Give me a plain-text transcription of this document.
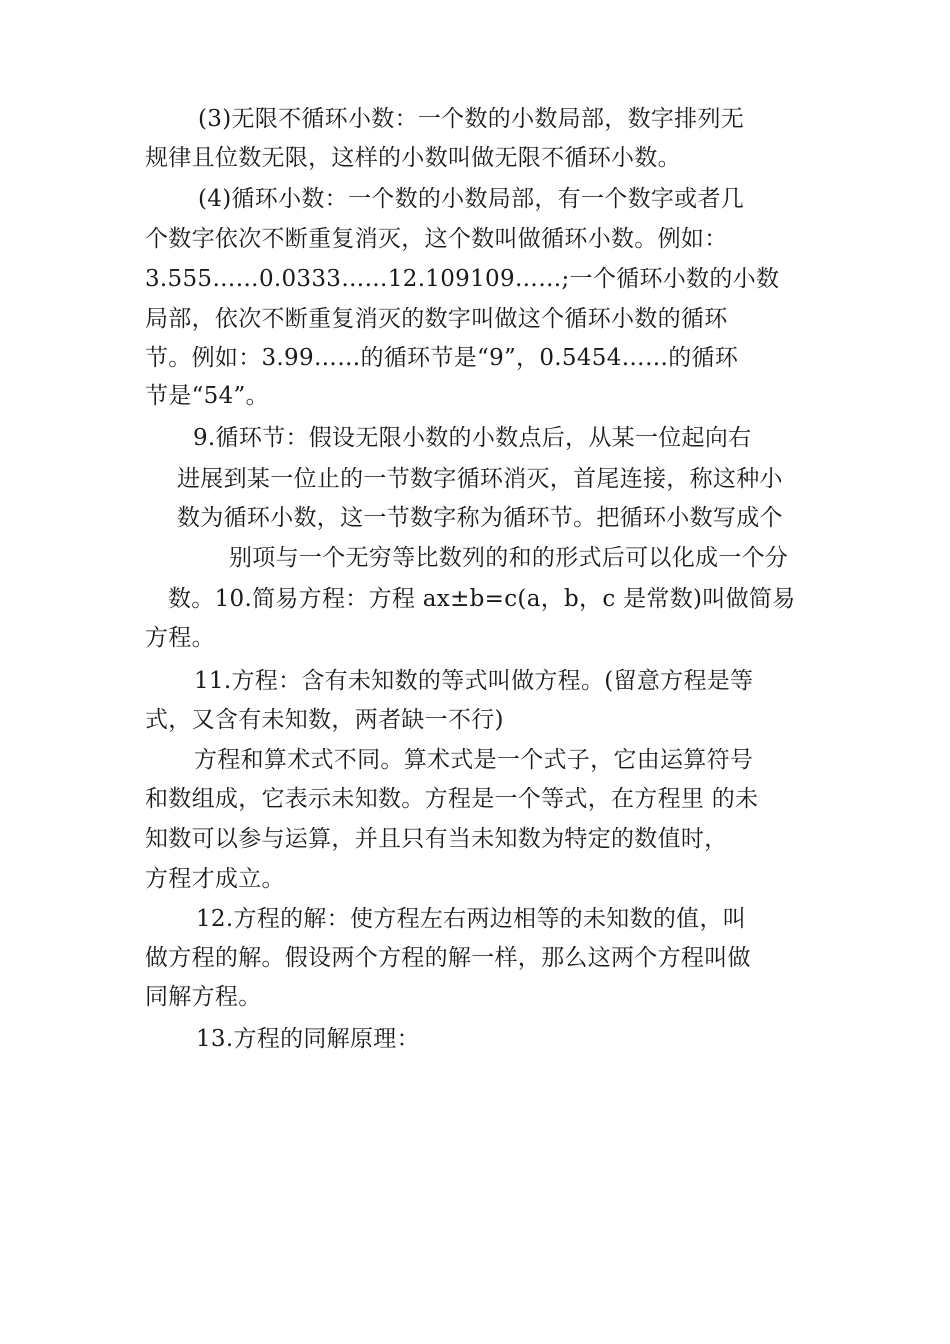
(3)无限不循环小数：一个数的小数局部，数字排列无
规律且位数无限，这样的小数叫做无限不循环小数。
(4)循环小数：一个数的小数局部，有一个数字或者几
个数字依次不断重复消灭，这个数叫做循环小数。例如：
3.555……0.0333……12.109109……;一个循环小数的小数
局部，依次不断重复消灭的数字叫做这个循环小数的循环
节。例如：3.99……的循环节是“9”，0.5454……的循环
节是“54”。
9.循环节：假设无限小数的小数点后，从某一位起向右
进展到某一位止的一节数字循环消灭，首尾连接，称这种小
数为循环小数，这一节数字称为循环节。把循环小数写成个
别项与一个无穷等比数列的和的形式后可以化成一个分
数。10.简易方程：方程 ax±b=c(a，b，c 是常数)叫做简易
方程。
11.方程：含有未知数的等式叫做方程。(留意方程是等
式，又含有未知数，两者缺一不行)
方程和算术式不同。算术式是一个式子，它由运算符号
和数组成，它表示未知数。方程是一个等式，在方程里 的未
知数可以参与运算，并且只有当未知数为特定的数值时，
方程才成立。
12.方程的解：使方程左右两边相等的未知数的值，叫
做方程的解。假设两个方程的解一样，那么这两个方程叫做
同解方程。
13.方程的同解原理：
